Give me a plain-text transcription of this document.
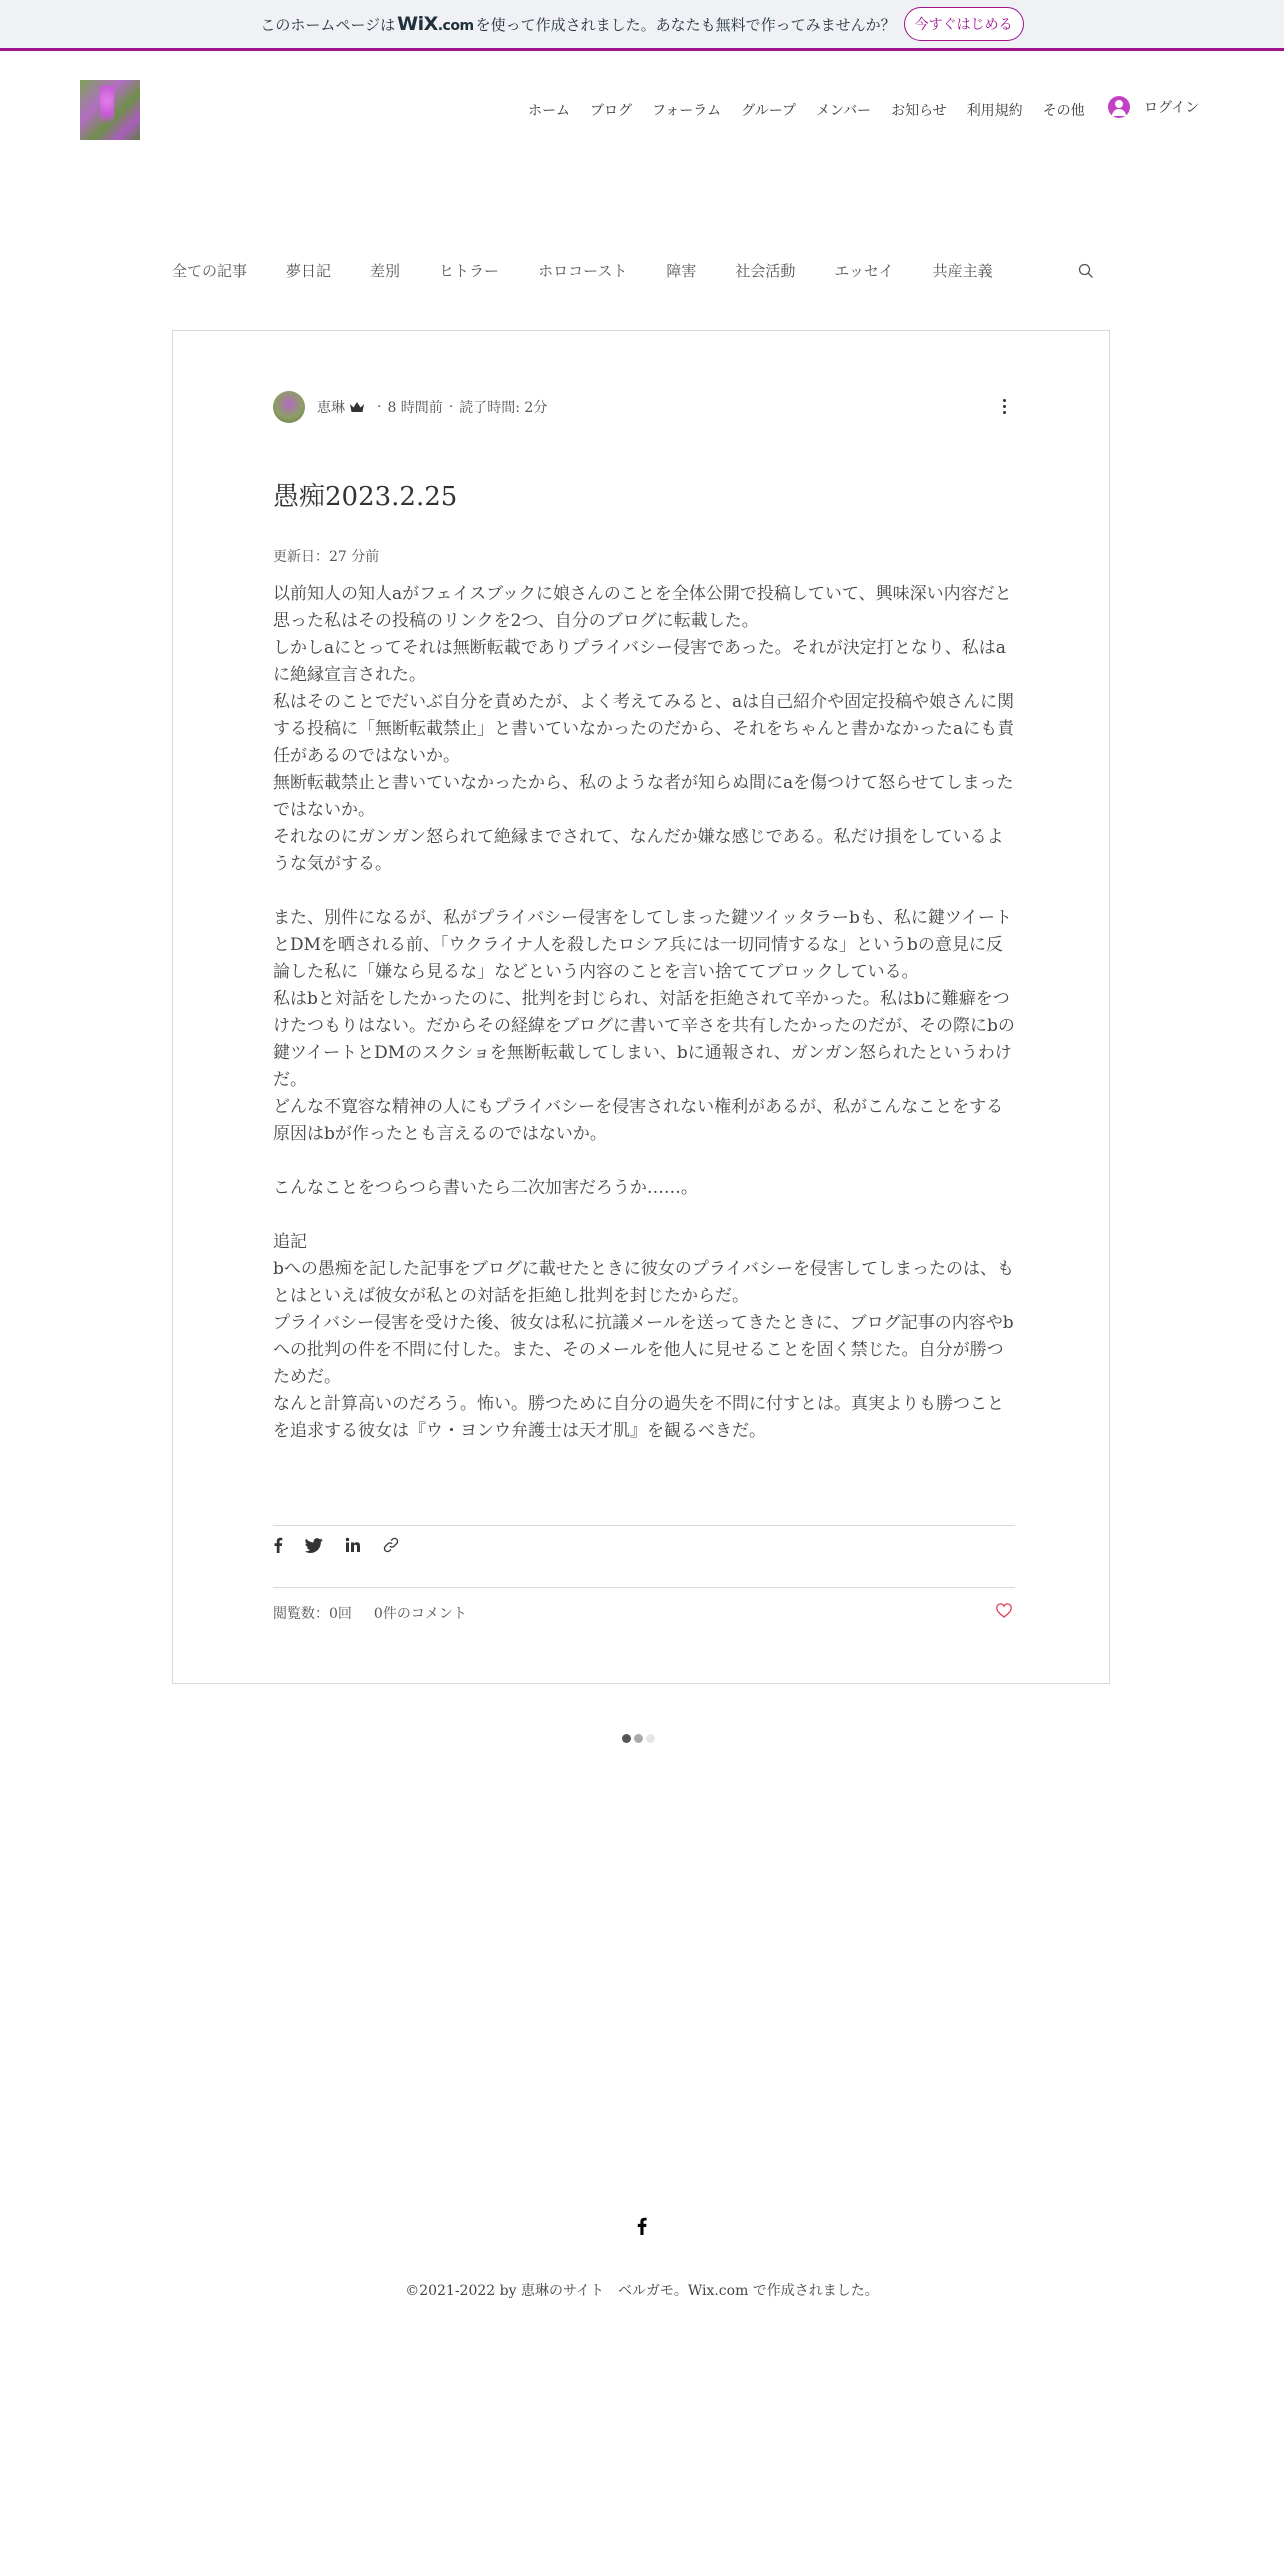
このホームページは WiX.com を使って作成されました。あなたも無料で作ってみませんか？	今すぐはじめる
ホーム ブログ フォーラム グループ メンバー お知らせ 利用規約 その他	ログイン
全ての記事	夢日記	差別	ヒトラー	ホロコースト	障害	社会活動	エッセイ	共産主義
恵琳 · 8 時間前 · 読了時間: 2分
愚痴2023.2.25
更新日：27 分前

以前知人の知人aがフェイスブックに娘さんのことを全体公開で投稿していて、興味深い内容だと思った私はその投稿のリンクを2つ、自分のブログに転載した。

しかしaにとってそれは無断転載でありプライバシー侵害であった。それが決定打となり、私はaに絶縁宣言された。

私はそのことでだいぶ自分を責めたが、よく考えてみると、aは自己紹介や固定投稿や娘さんに関する投稿に「無断転載禁止」と書いていなかったのだから、それをちゃんと書かなかったaにも責任があるのではないか。

無断転載禁止と書いていなかったから、私のような者が知らぬ間にaを傷つけて怒らせてしまったではないか。

それなのにガンガン怒られて絶縁までされて、なんだか嫌な感じである。私だけ損をしているような気がする。

また、別件になるが、私がプライバシー侵害をしてしまった鍵ツイッタラーbも、私に鍵ツイートとDMを晒される前、「ウクライナ人を殺したロシア兵には一切同情するな」というbの意見に反論した私に「嫌なら見るな」などという内容のことを言い捨ててブロックしている。

私はbと対話をしたかったのに、批判を封じられ、対話を拒絶されて辛かった。私はbに難癖をつけたつもりはない。だからその経緯をブログに書いて辛さを共有したかったのだが、その際にbの鍵ツイートとDMのスクショを無断転載してしまい、bに通報され、ガンガン怒られたというわけだ。

どんな不寛容な精神の人にもプライバシーを侵害されない権利があるが、私がこんなことをする原因はbが作ったとも言えるのではないか。

こんなことをつらつら書いたら二次加害だろうか……。

追記

bへの愚痴を記した記事をブログに載せたときに彼女のプライバシーを侵害してしまったのは、もとはといえば彼女が私との対話を拒絶し批判を封じたからだ。

プライバシー侵害を受けた後、彼女は私に抗議メールを送ってきたときに、ブログ記事の内容やbへの批判の件を不問に付した。また、そのメールを他人に見せることを固く禁じた。自分が勝つためだ。

なんと計算高いのだろう。怖い。勝つために自分の過失を不問に付すとは。真実よりも勝つことを追求する彼女は『ウ・ヨンウ弁護士は天才肌』を観るべきだ。

閲覧数：0回 0件のコメント
©2021-2022 by 恵琳のサイト　ベルガモ。Wix.com で作成されました。
